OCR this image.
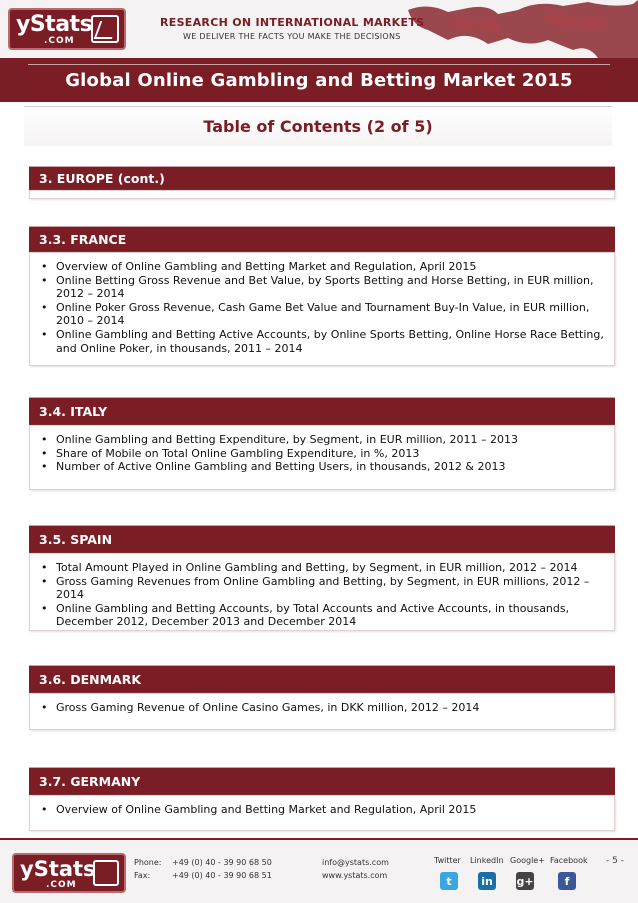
yStats
.COM
RESEARCH ON INTERNATIONAL MARKETS
WE DELIVER THE FACTS YOU MAKE THE DECISIONS
Global Online Gambling and Betting Market 2015
Table of Contents (2 of 5)
3. EUROPE (cont.)
3.3. FRANCE
• Overview of Online Gambling and Betting Market and Regulation, April 2015
• Online Betting Gross Revenue and Bet Value, by Sports Betting and Horse Betting, in EUR million, 2012 – 2014
• Online Poker Gross Revenue, Cash Game Bet Value and Tournament Buy-In Value, in EUR million, 2010 – 2014
• Online Gambling and Betting Active Accounts, by Online Sports Betting, Online Horse Race Betting, and Online Poker, in thousands, 2011 – 2014
3.4. ITALY
• Online Gambling and Betting Expenditure, by Segment, in EUR million, 2011 – 2013
• Share of Mobile on Total Online Gambling Expenditure, in %, 2013
• Number of Active Online Gambling and Betting Users, in thousands, 2012 & 2013
3.5. SPAIN
• Total Amount Played in Online Gambling and Betting, by Segment, in EUR million, 2012 – 2014
• Gross Gaming Revenues from Online Gambling and Betting, by Segment, in EUR millions, 2012 – 2014
• Online Gambling and Betting Accounts, by Total Accounts and Active Accounts, in thousands, December 2012, December 2013 and December 2014
3.6. DENMARK
• Gross Gaming Revenue of Online Casino Games, in DKK million, 2012 – 2014
3.7. GERMANY
• Overview of Online Gambling and Betting Market and Regulation, April 2015
yStats
.COM
Phone:
Fax:
+49 (0) 40 - 39 90 68 50
+49 (0) 40 - 39 90 68 51
info@ystats.com
www.ystats.com
Twitter LinkedIn Google+ Facebook
t	in g+	f
- 5 -
